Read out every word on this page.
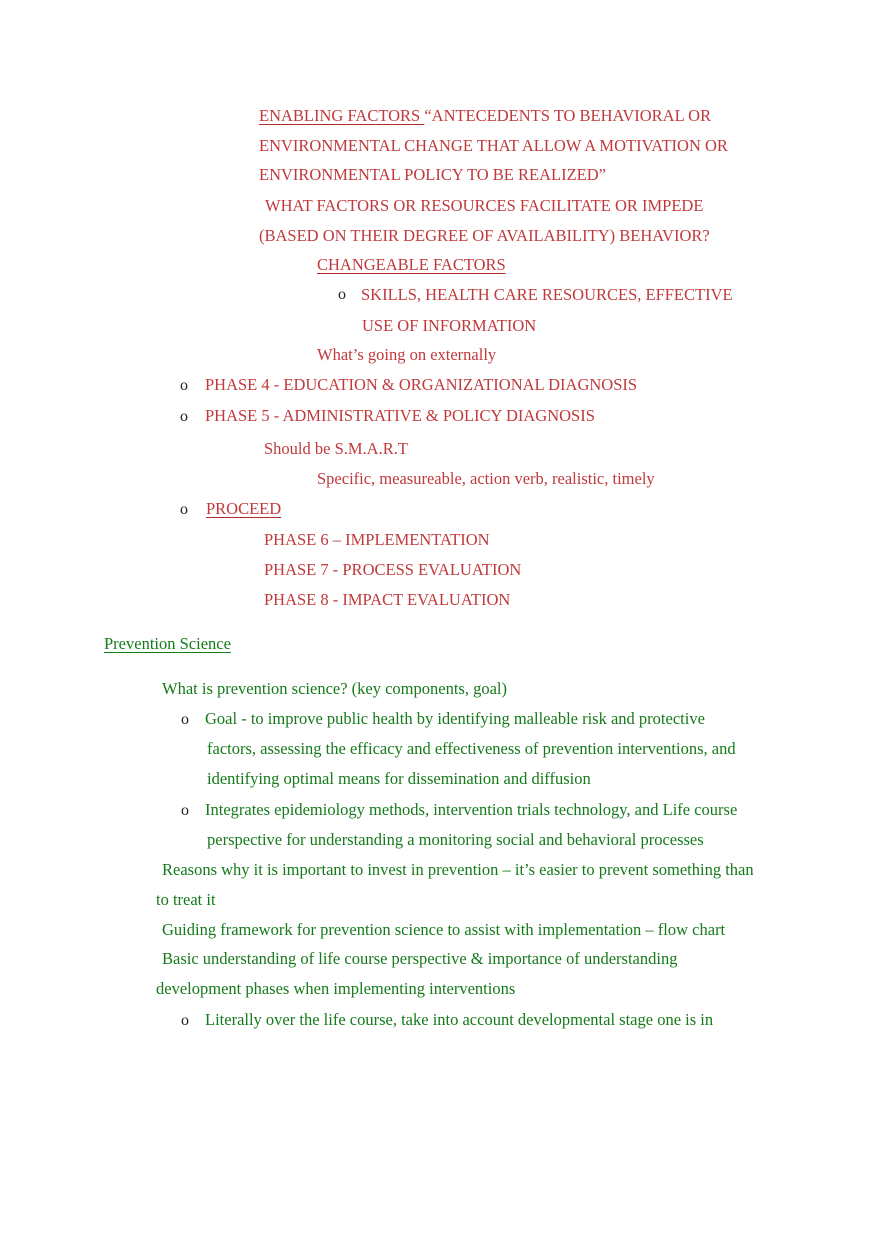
ENABLING FACTORS “ANTECEDENTS TO BEHAVIORAL OR
ENVIRONMENTAL CHANGE THAT ALLOW A MOTIVATION OR
ENVIRONMENTAL POLICY TO BE REALIZED”
WHAT FACTORS OR RESOURCES FACILITATE OR IMPEDE
(BASED ON THEIR DEGREE OF AVAILABILITY) BEHAVIOR?
CHANGEABLE FACTORS
o SKILLS, HEALTH CARE RESOURCES, EFFECTIVE
USE OF INFORMATION
What’s going on externally
o PHASE 4 - EDUCATION & ORGANIZATIONAL DIAGNOSIS
o PHASE 5 - ADMINISTRATIVE & POLICY DIAGNOSIS
Should be S.M.A.R.T
Specific, measureable, action verb, realistic, timely
o PROCEED
PHASE 6 – IMPLEMENTATION
PHASE 7 - PROCESS EVALUATION
PHASE 8 - IMPACT EVALUATION
Prevention Science
What is prevention science? (key components, goal)
o Goal - to improve public health by identifying malleable risk and protective
factors, assessing the efficacy and effectiveness of prevention interventions, and
identifying optimal means for dissemination and diffusion
o Integrates epidemiology methods, intervention trials technology, and Life course
perspective for understanding a monitoring social and behavioral processes
Reasons why it is important to invest in prevention – it’s easier to prevent something than
to treat it
Guiding framework for prevention science to assist with implementation – flow chart
Basic understanding of life course perspective & importance of understanding
development phases when implementing interventions
o Literally over the life course, take into account developmental stage one is in
